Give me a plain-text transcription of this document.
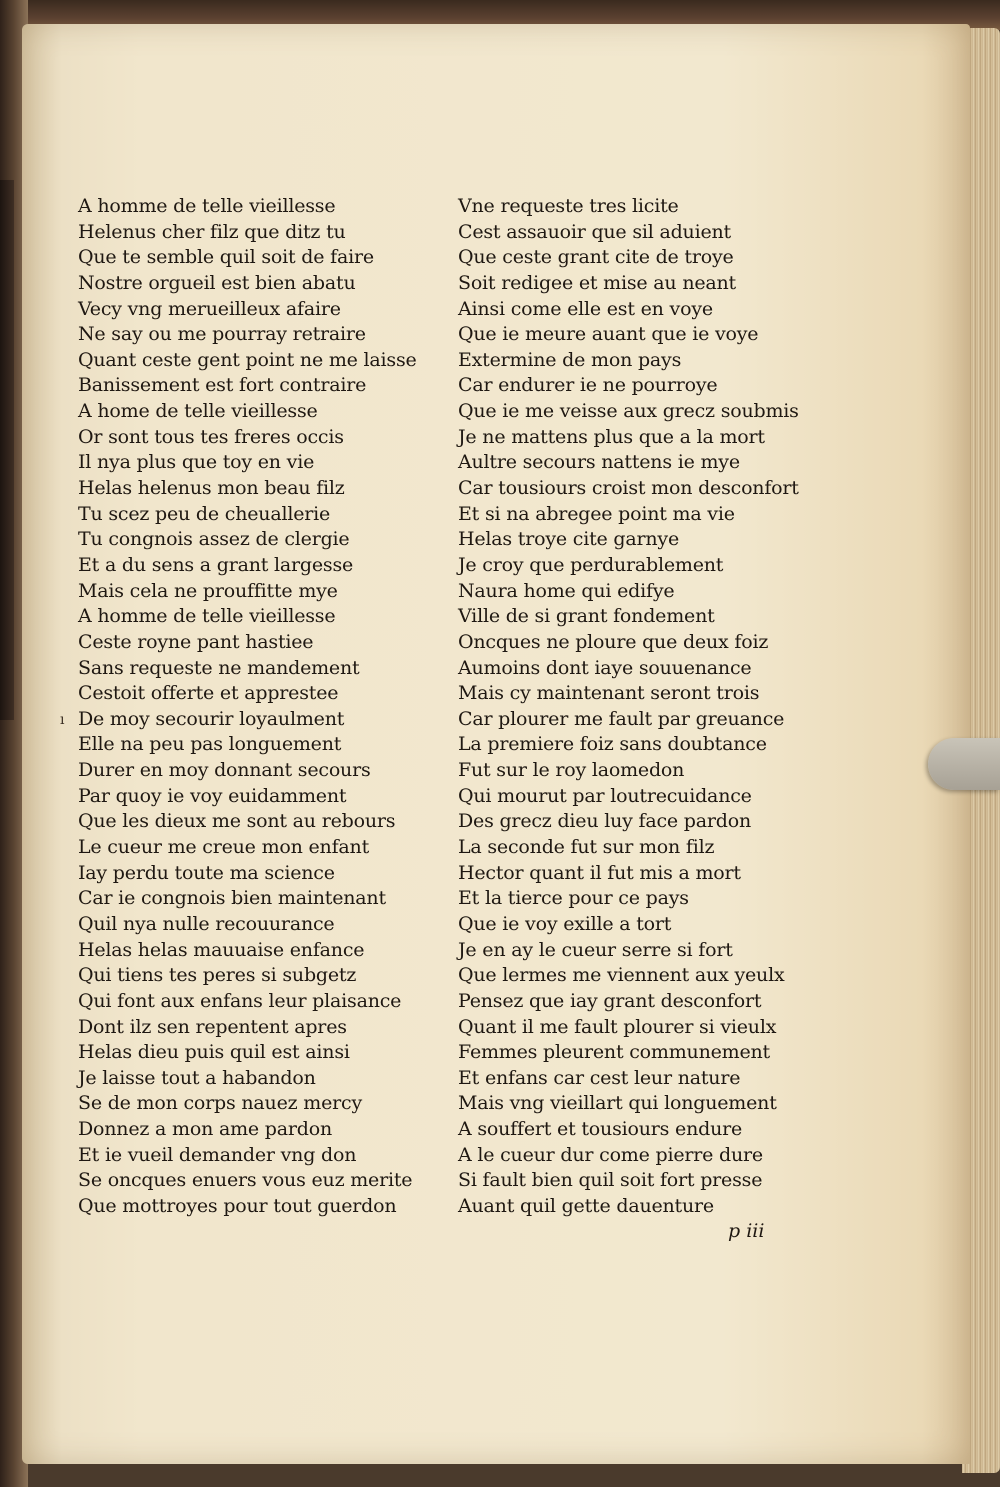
A homme de telle vieillesse
Helenus cher filz que ditz tu
Que te semble quil soit de faire
Nostre orgueil est bien abatu
Vecy vng merueilleux afaire
Ne say ou me pourray retraire
Quant ceste gent point ne me laisse
Banissement est fort contraire
A home de telle vieillesse
Or sont tous tes freres occis
Il nya plus que toy en vie
Helas helenus mon beau filz
Tu scez peu de cheuallerie
Tu congnois assez de clergie
Et a du sens a grant largesse
Mais cela ne prouffitte mye
A homme de telle vieillesse
Ceste royne pant hastiee
Sans requeste ne mandement
Cestoit offerte et apprestee
De moy secourir loyaulment
Elle na peu pas longuement
Durer en moy donnant secours
Par quoy ie voy euidamment
Que les dieux me sont au rebours
Le cueur me creue mon enfant
Iay perdu toute ma science
Car ie congnois bien maintenant
Quil nya nulle recouurance
Helas helas mauuaise enfance
Qui tiens tes peres si subgetz
Qui font aux enfans leur plaisance
Dont ilz sen repentent apres
Helas dieu puis quil est ainsi
Je laisse tout a habandon
Se de mon corps nauez mercy
Donnez a mon ame pardon
Et ie vueil demander vng don
Se oncques enuers vous euz merite
Que mottroyes pour tout guerdon
Vne requeste tres licite
Cest assauoir que sil aduient
Que ceste grant cite de troye
Soit redigee et mise au neant
Ainsi come elle est en voye
Que ie meure auant que ie voye
Extermine de mon pays
Car endurer ie ne pourroye
Que ie me veisse aux grecz soubmis
Je ne mattens plus que a la mort
Aultre secours nattens ie mye
Car tousiours croist mon desconfort
Et si na abregee point ma vie
Helas troye cite garnye
Je croy que perdurablement
Naura home qui edifye
Ville de si grant fondement
Oncques ne ploure que deux foiz
Aumoins dont iaye souuenance
Mais cy maintenant seront trois
Car plourer me fault par greuance
La premiere foiz sans doubtance
Fut sur le roy laomedon
Qui mourut par loutrecuidance
Des grecz dieu luy face pardon
La seconde fut sur mon filz
Hector quant il fut mis a mort
Et la tierce pour ce pays
Que ie voy exille a tort
Je en ay le cueur serre si fort
Que lermes me viennent aux yeulx
Pensez que iay grant desconfort
Quant il me fault plourer si vieulx
Femmes pleurent communement
Et enfans car cest leur nature
Mais vng vieillart qui longuement
A souffert et tousiours endure
A le cueur dur come pierre dure
Si fault bien quil soit fort presse
Auant quil gette dauenture
p iii
ı
